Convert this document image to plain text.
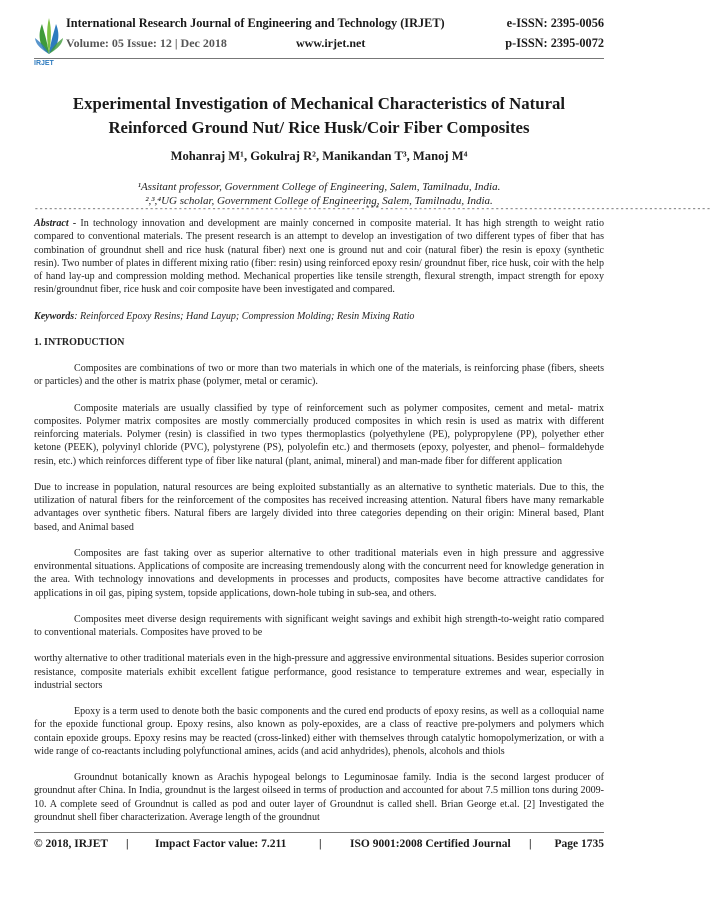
IRJET
International Research Journal of Engineering and Technology (IRJET)	e-ISSN: 2395-0056
Volume: 05 Issue: 12 | Dec 2018	www.irjet.net	p-ISSN: 2395-0072
Experimental Investigation of Mechanical Characteristics of Natural
Reinforced Ground Nut/ Rice Husk/Coir Fiber Composites
Mohanraj M¹, Gokulraj R², Manikandan T³, Manoj M⁴
¹Assitant professor, Government College of Engineering, Salem, Tamilnadu, India.
²,³,⁴UG scholar, Government College of Engineering, Salem, Tamilnadu, India.
---------------------------------------------------------------------***---------------------------------------------------------------------

Abstract - In technology innovation and development are mainly concerned in composite material. It has high strength to weight ratio compared to conventional materials. The present research is an attempt to develop an investigation of two different types of fiber that has combination of groundnut shell and rice husk (natural fiber) next one is ground nut and coir (natural fiber) the resin is epoxy (synthetic resin). Two number of plates in different mixing ratio (fiber: resin) using reinforced epoxy resin/ groundnut fiber, rice husk, coir with the help of hand lay-up and compression molding method. Mechanical properties like tensile strength, flexural strength, impact strength for epoxy resin/groundnut fiber, rice husk and coir composite have been investigated and compared.

Keywords: Reinforced Epoxy Resins; Hand Layup; Compression Molding; Resin Mixing Ratio

1. INTRODUCTION

Composites are combinations of two or more than two materials in which one of the materials, is reinforcing phase (fibers, sheets or particles) and the other is matrix phase (polymer, metal or ceramic).

Composite materials are usually classified by type of reinforcement such as polymer composites, cement and metal- matrix composites. Polymer matrix composites are mostly commercially produced composites in which resin is used as matrix with different reinforcing materials. Polymer (resin) is classified in two types thermoplastics (polyethylene (PE), polypropylene (PP), polyether ether ketone (PEEK), polyvinyl chloride (PVC), polystyrene (PS), polyolefin etc.) and thermosets (epoxy, polyester, and phenol– formaldehyde resin, etc.) which reinforces different type of fiber like natural (plant, animal, mineral) and man-made fiber for different application

Due to increase in population, natural resources are being exploited substantially as an alternative to synthetic materials. Due to this, the utilization of natural fibers for the reinforcement of the composites has received increasing attention. Natural fibers have many remarkable advantages over synthetic fibers. Natural fibers are largely divided into three categories depending on their origin: Mineral based, Plant based, and Animal based

Composites are fast taking over as superior alternative to other traditional materials even in high pressure and aggressive environmental situations. Applications of composite are increasing tremendously along with the concurrent need for knowledge generation in the area. With technology innovations and developments in processes and products, composites have become attractive candidates for applications in oil gas, piping system, topside applications, down-hole tubing in sub-sea, and others.

Composites meet diverse design requirements with significant weight savings and exhibit high strength-to-weight ratio compared to conventional materials. Composites have proved to be

worthy alternative to other traditional materials even in the high-pressure and aggressive environmental situations. Besides superior corrosion resistance, composite materials exhibit excellent fatigue performance, good resistance to temperature extremes and wear, especially in industrial sectors

Epoxy is a term used to denote both the basic components and the cured end products of epoxy resins, as well as a colloquial name for the epoxide functional group. Epoxy resins, also known as poly-epoxides, are a class of reactive pre-polymers and polymers which contain epoxide groups. Epoxy resins may be reacted (cross-linked) either with themselves through catalytic homopolymerization, or with a wide range of co-reactants including polyfunctional amines, acids (and acid anhydrides), phenols, alcohols and thiols

Groundnut botanically known as Arachis hypogeal belongs to Leguminosae family. India is the second largest producer of groundnut after China. In India, groundnut is the largest oilseed in terms of production and accounted for about 7.5 million tons during 2009-10. A complete seed of Groundnut is called as pod and outer layer of Groundnut is called shell. Brian George et.al. [2] Investigated the groundnut shell fiber characterization. Average length of the groundnut

© 2018, IRJET | Impact Factor value: 7.211	| ISO 9001:2008 Certified Journal | Page 1735
